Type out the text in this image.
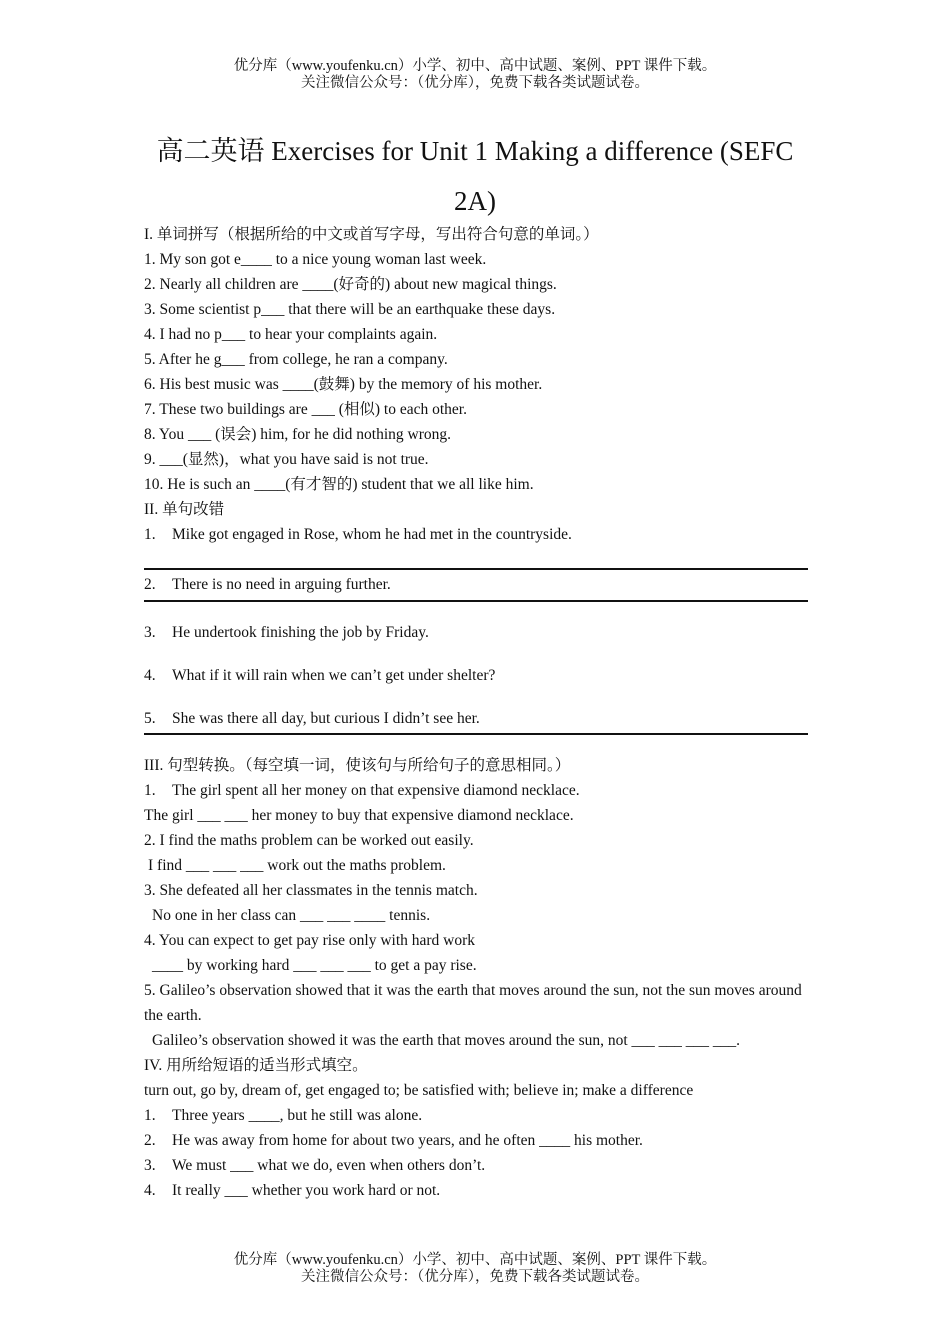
优分库（www.youfenku.cn）小学、初中、高中试题、案例、PPT 课件下载。
关注微信公众号：（优分库），免费下载各类试题试卷。
高二英语 Exercises for Unit 1 Making a difference (SEFC 2A)
I. 单词拼写（根据所给的中文或首写字母，写出符合句意的单词。）
1. My son got e____ to a nice young woman last week.
2. Nearly all children are ____(好奇的) about new magical things.
3. Some scientist p___ that there will be an earthquake these days.
4. I had no p___ to hear your complaints again.
5. After he g___ from college, he ran a company.
6. His best music was ____(鼓舞) by the memory of his mother.
7. These two buildings are ___ (相似) to each other.
8. You ___ (误会) him, for he did nothing wrong.
9. ___(显然)，what you have said is not true.
10. He is such an ____(有才智的) student that we all like him.
II. 单句改错
1. Mike got engaged in Rose, whom he had met in the countryside.
2. There is no need in arguing further.
3. He undertook finishing the job by Friday.
4. What if it will rain when we can’t get under shelter?
5. She was there all day, but curious I didn’t see her.
III. 句型转换。（每空填一词，使该句与所给句子的意思相同。）
1. The girl spent all her money on that expensive diamond necklace.
The girl ___ ___ her money to buy that expensive diamond necklace.
2. I find the maths problem can be worked out easily.
I find ___ ___ ___ work out the maths problem.
3. She defeated all her classmates in the tennis match.
No one in her class can ___ ___ ____ tennis.
4. You can expect to get pay rise only with hard work
____ by working hard ___ ___ ___ to get a pay rise.
5. Galileo’s observation showed that it was the earth that moves around the sun, not the sun moves around the earth.
Galileo’s observation showed it was the earth that moves around the sun, not ___ ___ ___ ___.
IV. 用所给短语的适当形式填空。
turn out, go by, dream of, get engaged to; be satisfied with; believe in; make a difference
1. Three years ____, but he still was alone.
2. He was away from home for about two years, and he often ____ his mother.
3. We must ___ what we do, even when others don’t.
4. It really ___ whether you work hard or not.
优分库（www.youfenku.cn）小学、初中、高中试题、案例、PPT 课件下载。
关注微信公众号：（优分库），免费下载各类试题试卷。
